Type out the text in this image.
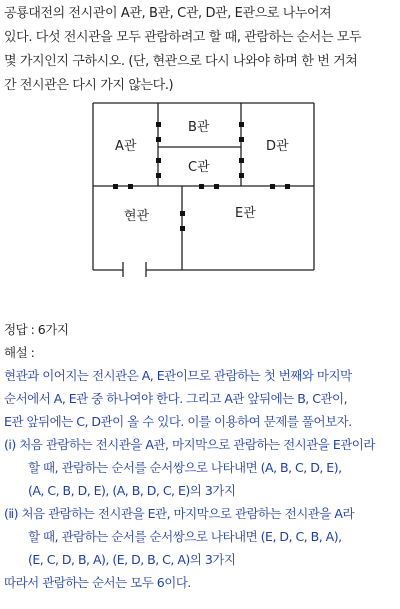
공룡대전의 전시관이 A관, B관, C관, D관, E관으로 나누어져
있다. 다섯 전시관을 모두 관람하려고 할 때, 관람하는 순서는 모두
몇 가지인지 구하시오. (단, 현관으로 다시 나와야 하며 한 번 거쳐
간 전시관은 다시 가지 않는다.)
A관
B관
C관
D관
E관
현관
정답 : 6가지
해설 :
현관과 이어지는 전시관은 A, E관이므로 관람하는 첫 번째와 마지막
순서에서 A, E관 중 하나여야 한다. 그리고 A관 앞뒤에는 B, C관이,
E관 앞뒤에는 C, D관이 올 수 있다. 이를 이용하여 문제를 풀어보자.
(ⅰ) 처음 관람하는 전시관을 A관, 마지막으로 관람하는 전시관을 E관이라
할 때, 관람하는 순서를 순서쌍으로 나타내면 (A, B, C, D, E),
(A, C, B, D, E), (A, B, D, C, E)의 3가지
(ⅱ) 처음 관람하는 전시관을 E관, 마지막으로 관람하는 전시관을 A라
할 때, 관람하는 순서를 순서쌍으로 나타내면 (E, D, C, B, A),
(E, C, D, B, A), (E, D, B, C, A)의 3가지
따라서 관람하는 순서는 모두 6이다.
